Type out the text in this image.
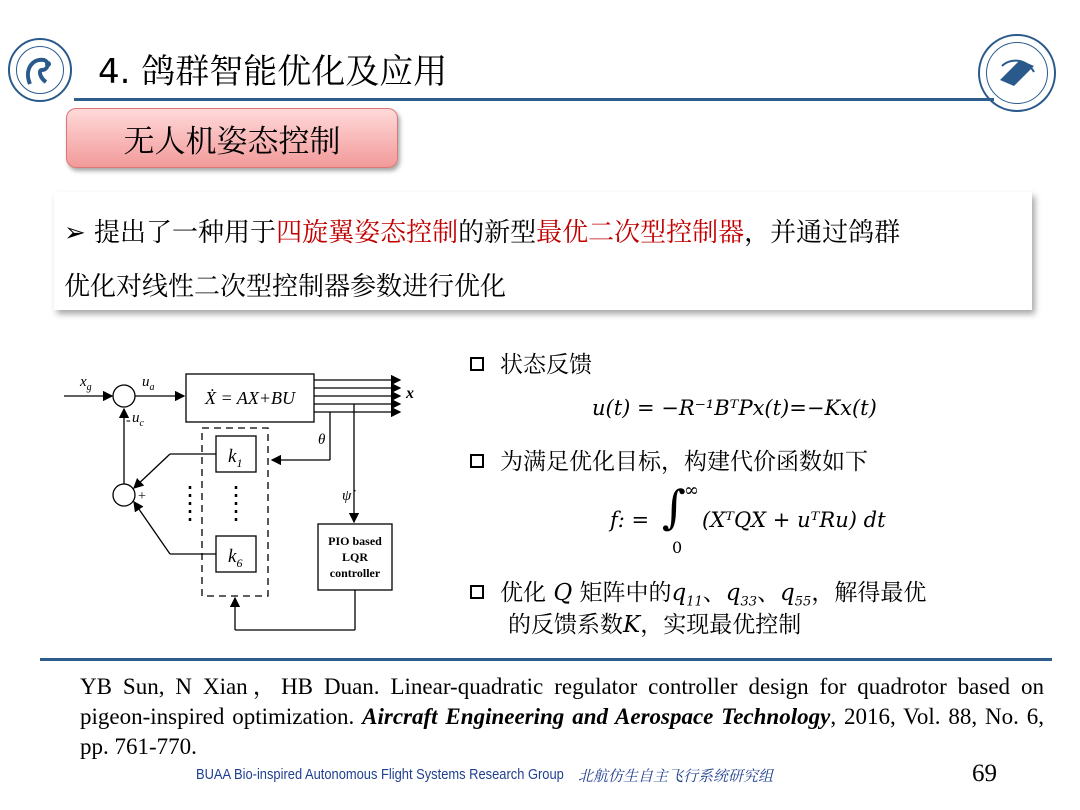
4. 鸽群智能优化及应用
无人机姿态控制
➢ 提出了一种用于四旋翼姿态控制的新型最优二次型控制器，并通过鸽群
优化对线性二次型控制器参数进行优化
$x_g$	$u_a$
- $u_c$
+
Ẋ = AX+BU	x
θ
ψ̇
$k_1$
$k_6$
PIO based
LQR
controller
状态反馈
u(t) = −R⁻¹BᵀPx(t)=−Kx(t)
为满足优化目标，构建代价函数如下
f: = ∫
∞
0
(XᵀQX + uᵀRu) dt
优化 Q 矩阵中的$q_{11}$、$q_{33}$、$q_{55}$，解得最优
的反馈系数K，实现最优控制
YB Sun, N Xian，HB Duan. Linear-quadratic regulator controller design for quadrotor based on pigeon-inspired optimization. Aircraft Engineering and Aerospace Technology, 2016, Vol. 88, No. 6, pp. 761-770.
BUAA Bio-inspired Autonomous Flight Systems Research Group 北航仿生自主飞行系统研究组	69
